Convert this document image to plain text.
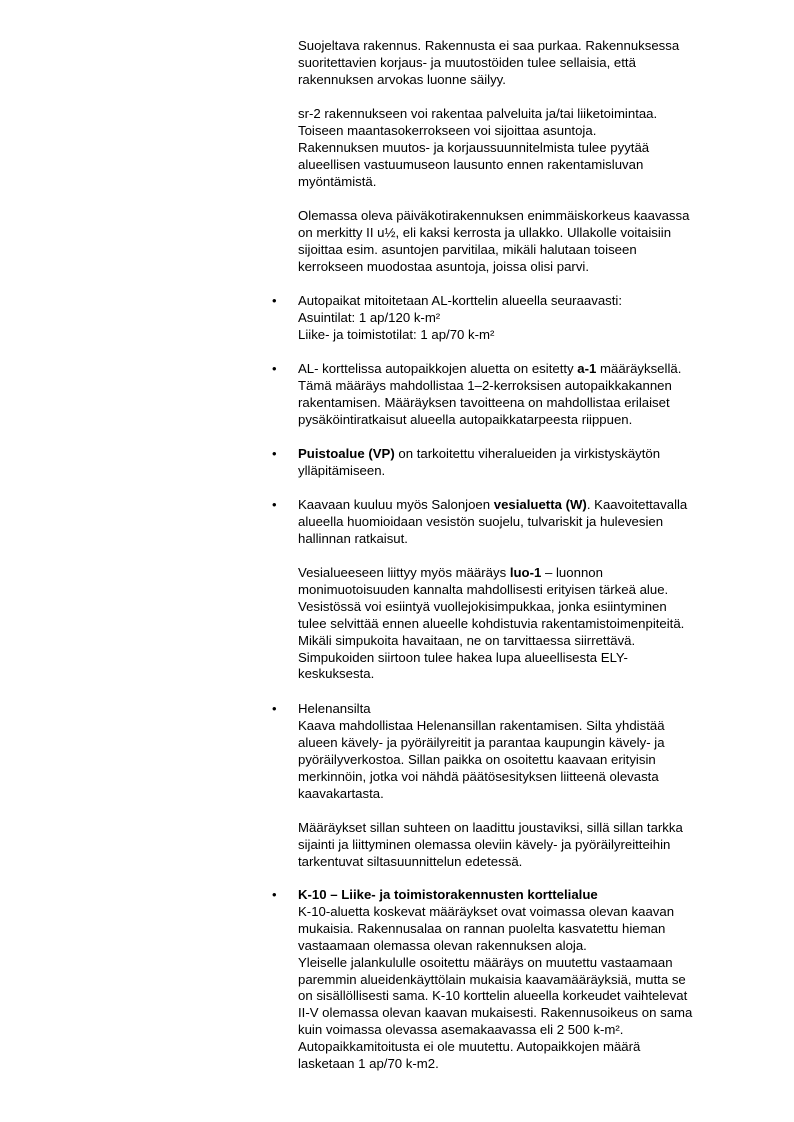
Suojeltava rakennus. Rakennusta ei saa purkaa. Rakennuksessa
suoritettavien korjaus- ja muutostöiden tulee sellaisia, että
rakennuksen arvokas luonne säilyy.
sr-2 rakennukseen voi rakentaa palveluita ja/tai liiketoimintaa.
Toiseen maantasokerrokseen voi sijoittaa asuntoja.
Rakennuksen muutos- ja korjaussuunnitelmista tulee pyytää
alueellisen vastuumuseon lausunto ennen rakentamisluvan
myöntämistä.
Olemassa oleva päiväkotirakennuksen enimmäiskorkeus kaavassa
on merkitty II u½, eli kaksi kerrosta ja ullakko. Ullakolle voitaisiin
sijoittaa esim. asuntojen parvitilaa, mikäli halutaan toiseen
kerrokseen muodostaa asuntoja, joissa olisi parvi.
•	Autopaikat mitoitetaan AL-korttelin alueella seuraavasti:
Asuintilat: 1 ap/120 k-m²
Liike- ja toimistotilat: 1 ap/70 k-m²
•	AL- korttelissa autopaikkojen aluetta on esitetty a-1 määräyksellä.
Tämä määräys mahdollistaa 1–2-kerroksisen autopaikkakannen
rakentamisen. Määräyksen tavoitteena on mahdollistaa erilaiset
pysäköintiratkaisut alueella autopaikkatarpeesta riippuen.
•	Puistoalue (VP) on tarkoitettu viheralueiden ja virkistyskäytön
ylläpitämiseen.
•	Kaavaan kuuluu myös Salonjoen vesialuetta (W). Kaavoitettavalla
alueella huomioidaan vesistön suojelu, tulvariskit ja hulevesien
hallinnan ratkaisut.
Vesialueeseen liittyy myös määräys luo-1 – luonnon
monimuotoisuuden kannalta mahdollisesti erityisen tärkeä alue.
Vesistössä voi esiintyä vuollejokisimpukkaa, jonka esiintyminen
tulee selvittää ennen alueelle kohdistuvia rakentamistoimenpiteitä.
Mikäli simpukoita havaitaan, ne on tarvittaessa siirrettävä.
Simpukoiden siirtoon tulee hakea lupa alueellisesta ELY-
keskuksesta.
•	Helenansilta
Kaava mahdollistaa Helenansillan rakentamisen. Silta yhdistää
alueen kävely- ja pyöräilyreitit ja parantaa kaupungin kävely- ja
pyöräilyverkostoa. Sillan paikka on osoitettu kaavaan erityisin
merkinnöin, jotka voi nähdä päätösesityksen liitteenä olevasta
kaavakartasta.
Määräykset sillan suhteen on laadittu joustaviksi, sillä sillan tarkka
sijainti ja liittyminen olemassa oleviin kävely- ja pyöräilyreitteihin
tarkentuvat siltasuunnittelun edetessä.
•	K-10 – Liike- ja toimistorakennusten korttelialue
K-10-aluetta koskevat määräykset ovat voimassa olevan kaavan
mukaisia. Rakennusalaa on rannan puolelta kasvatettu hieman
vastaamaan olemassa olevan rakennuksen aloja.
Yleiselle jalankululle osoitettu määräys on muutettu vastaamaan
paremmin alueidenkäyttölain mukaisia kaavamääräyksiä, mutta se
on sisällöllisesti sama. K-10 korttelin alueella korkeudet vaihtelevat
II-V olemassa olevan kaavan mukaisesti. Rakennusoikeus on sama
kuin voimassa olevassa asemakaavassa eli 2 500 k-m².
Autopaikkamitoitusta ei ole muutettu. Autopaikkojen määrä
lasketaan 1 ap/70 k-m2.
